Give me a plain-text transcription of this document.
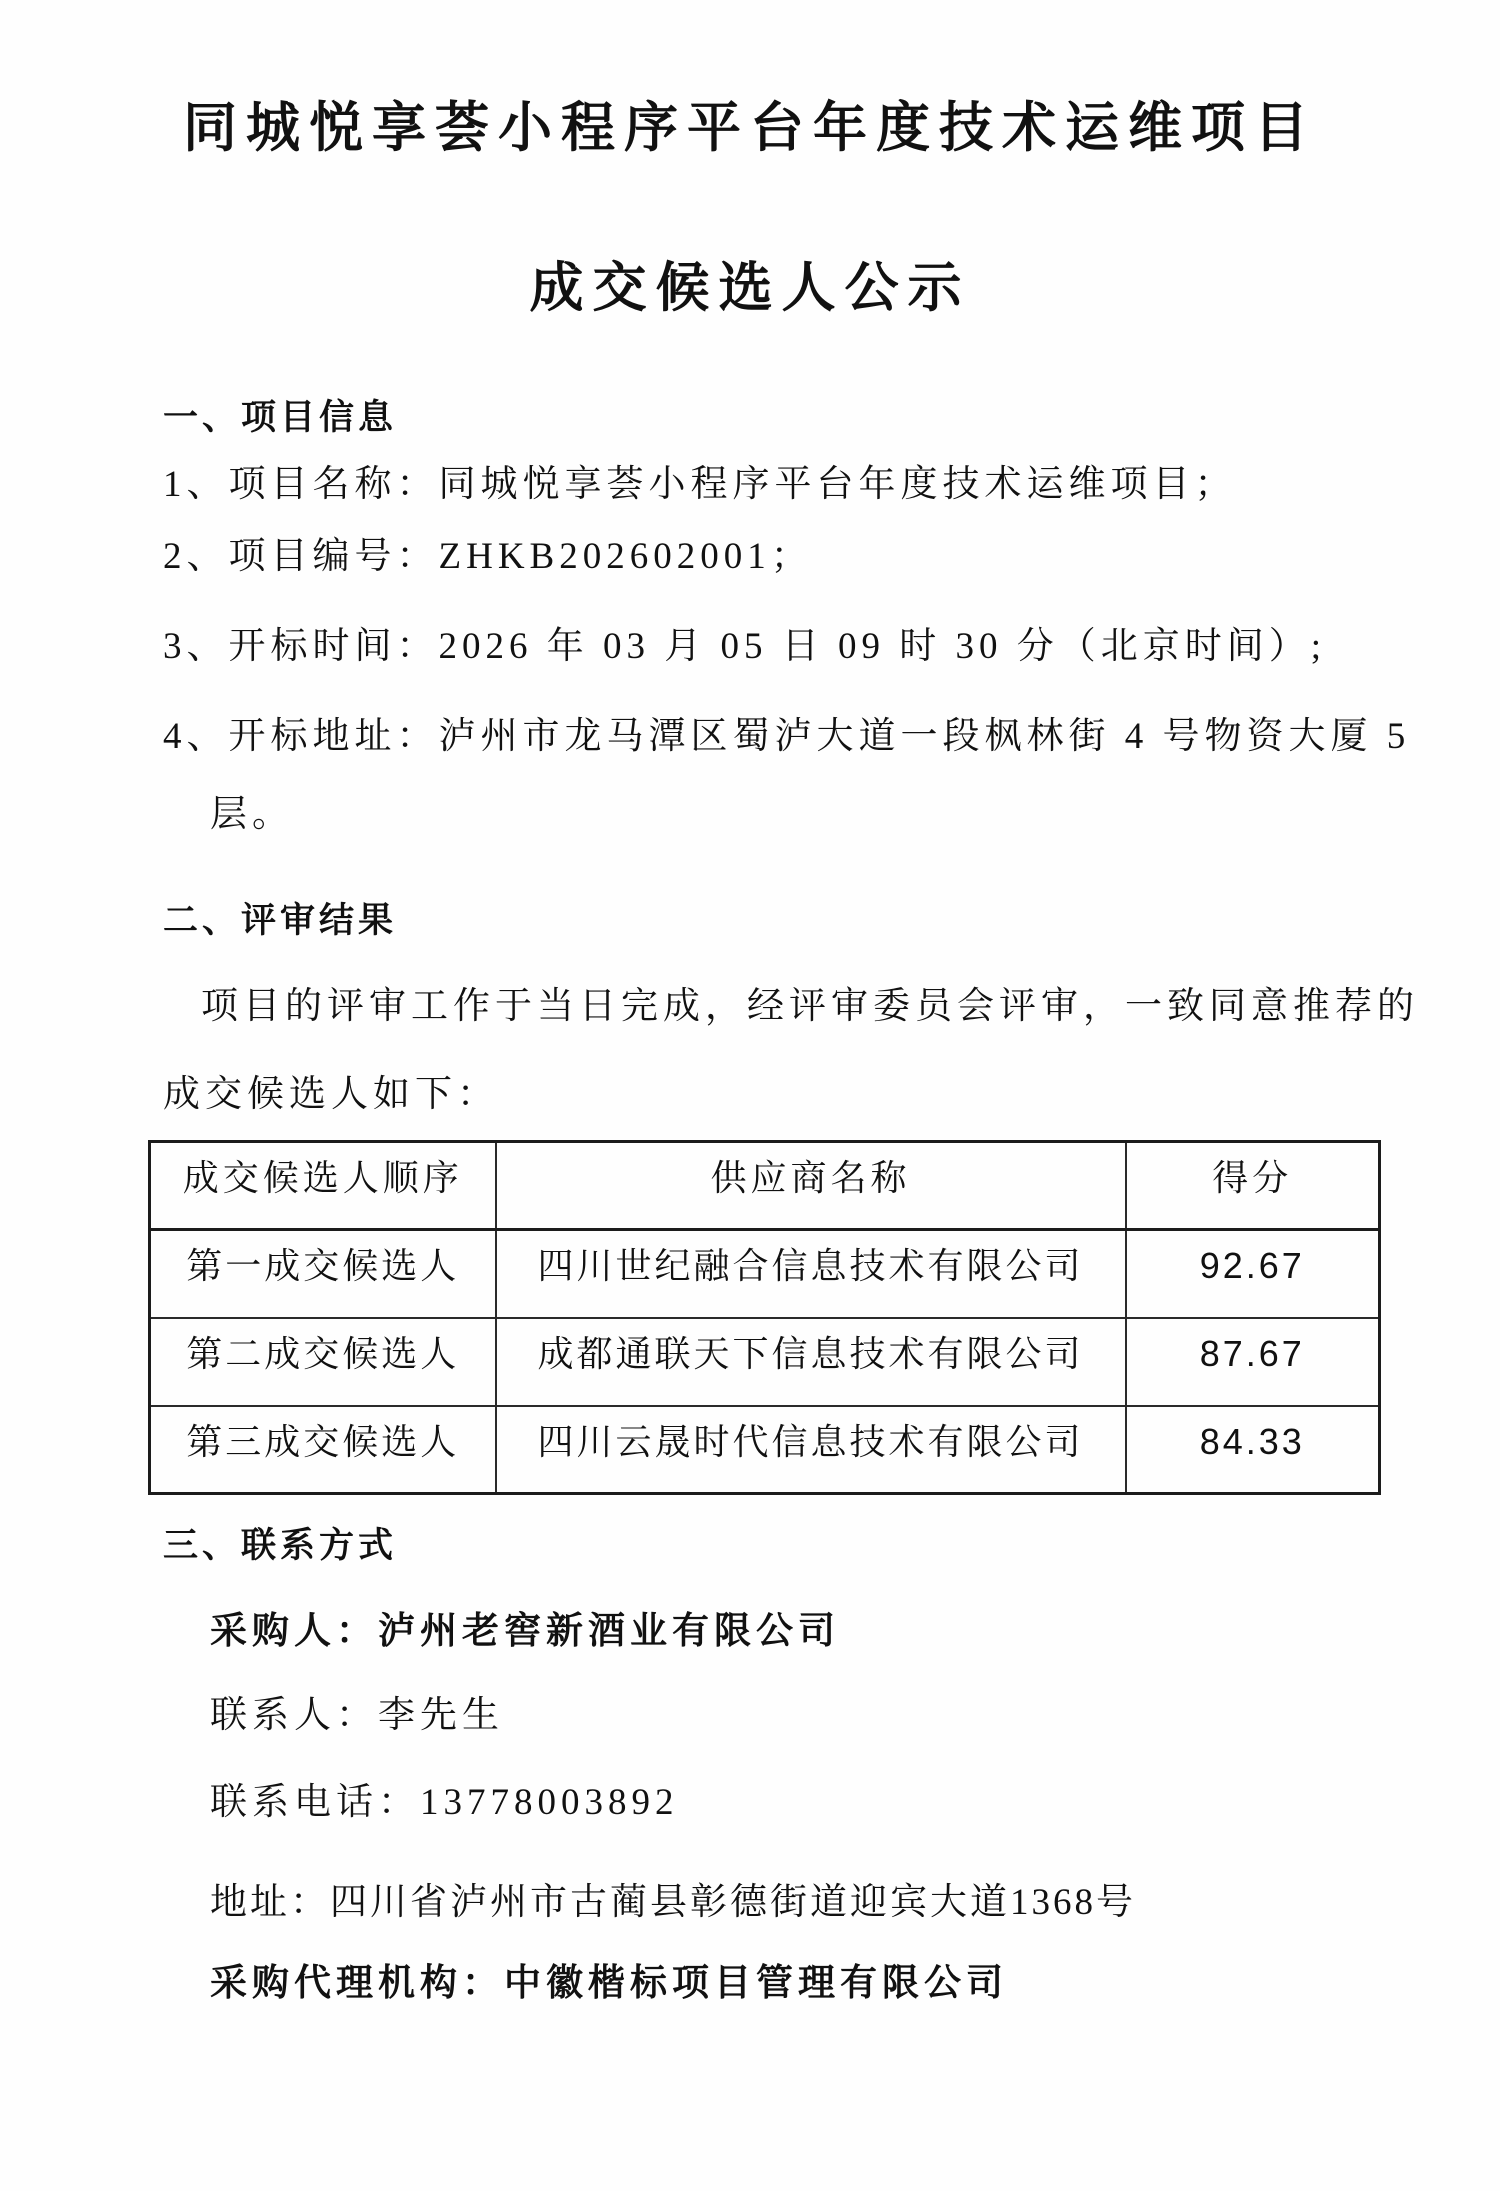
同城悦享荟小程序平台年度技术运维项目
成交候选人公示
一、项目信息

1、项目名称：同城悦享荟小程序平台年度技术运维项目；

2、项目编号：ZHKB202602001；

3、开标时间：2026 年 03 月 05 日 09 时 30 分（北京时间）;

4、开标地址：泸州市龙马潭区蜀泸大道一段枫林街 4 号物资大厦 5

层。

二、评审结果

项目的评审工作于当日完成，经评审委员会评审，一致同意推荐的

成交候选人如下：

成交候选人顺序	供应商名称	得分
第一成交候选人	四川世纪融合信息技术有限公司	92.67
第二成交候选人	成都通联天下信息技术有限公司	87.67
第三成交候选人	四川云晟时代信息技术有限公司	84.33
三、联系方式

采购人：泸州老窖新酒业有限公司

联系人：李先生

联系电话：13778003892

地址：四川省泸州市古蔺县彰德街道迎宾大道1368号

采购代理机构：中徽楷标项目管理有限公司
